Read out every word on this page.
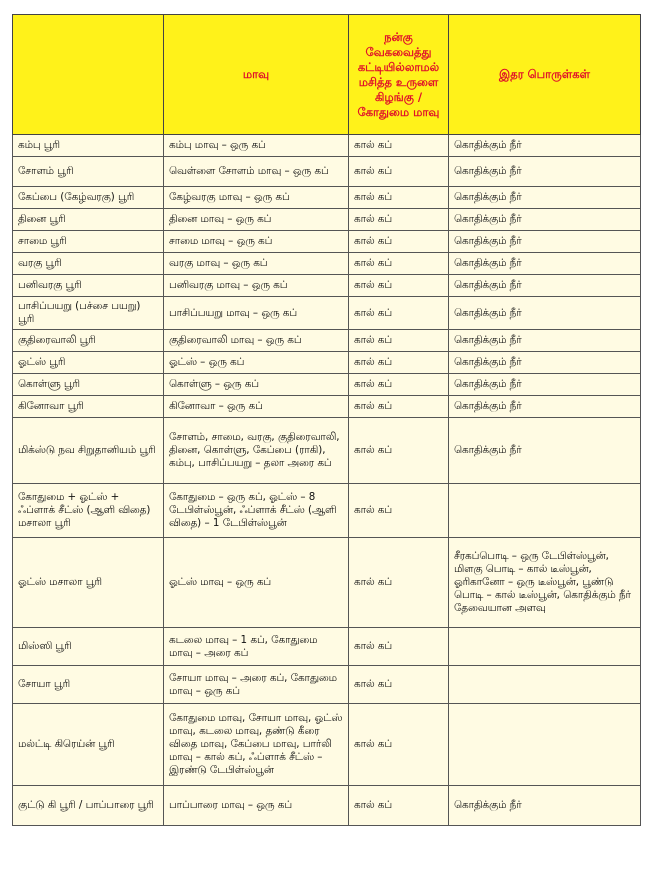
	மாவு	நன்கு வேகவைத்து கட்டியில்லாமல் மசித்த உருளை கிழங்கு / கோதுமை மாவு	இதர பொருள்கள்
கம்பு பூரி	கம்பு மாவு – ஒரு கப்	கால் கப்	கொதிக்கும் நீர்
சோளம் பூரி	வெள்ளை சோளம் மாவு – ஒரு கப்	கால் கப்	கொதிக்கும் நீர்
கேப்பை (கேழ்வரகு) பூரி	கேழ்வரகு மாவு – ஒரு கப்	கால் கப்	கொதிக்கும் நீர்
தினை பூரி	தினை மாவு – ஒரு கப்	கால் கப்	கொதிக்கும் நீர்
சாமை பூரி	சாமை மாவு – ஒரு கப்	கால் கப்	கொதிக்கும் நீர்
வரகு பூரி	வரகு மாவு – ஒரு கப்	கால் கப்	கொதிக்கும் நீர்
பனிவரகு பூரி	பனிவரகு மாவு – ஒரு கப்	கால் கப்	கொதிக்கும் நீர்
பாசிப்பயறு (பச்சை பயறு) பூரி	பாசிப்பயறு மாவு – ஒரு கப்	கால் கப்	கொதிக்கும் நீர்
குதிரைவாலி பூரி	குதிரைவாலி மாவு – ஒரு கப்	கால் கப்	கொதிக்கும் நீர்
ஓட்ஸ் பூரி	ஓட்ஸ் – ஒரு கப்	கால் கப்	கொதிக்கும் நீர்
கொள்ளு பூரி	கொள்ளு – ஒரு கப்	கால் கப்	கொதிக்கும் நீர்
கினோவா பூரி	கினோவா – ஒரு கப்	கால் கப்	கொதிக்கும் நீர்
மிக்ஸ்டு நவ சிறுதானியம் பூரி	சோளம், சாமை, வரகு, குதிரைவாலி, தினை, கொள்ளு, கேப்பை (ராகி), கம்பு, பாசிப்பயறு – தலா அரை கப்	கால் கப்	கொதிக்கும் நீர்
கோதுமை + ஓட்ஸ் + ஃப்ளாக் சீட்ஸ் (ஆளி விதை) மசாலா பூரி	கோதுமை – ஒரு கப், ஓட்ஸ் – 8 டேபிள்ஸ்பூன், ஃப்ளாக் சீட்ஸ் (ஆளி விதை) – 1 டேபிள்ஸ்பூன்	கால் கப்	
ஓட்ஸ் மசாலா பூரி	ஓட்ஸ் மாவு – ஒரு கப்	கால் கப்	சீரகப்பொடி – ஒரு டேபிள்ஸ்பூன், மிளகு பொடி – கால் டீஸ்பூன், ஓரிகானோ – ஒரு டீஸ்பூன், பூண்டு பொடி – கால் டீஸ்பூன், கொதிக்கும் நீர் தேவையான அளவு
மிஸ்ஸி பூரி	கடலை மாவு – 1 கப், கோதுமை மாவு – அரை கப்	கால் கப்	
சோயா பூரி	சோயா மாவு – அரை கப், கோதுமை மாவு – ஒரு கப்	கால் கப்	
மல்ட்டி கிரெய்ன் பூரி	கோதுமை மாவு, சோயா மாவு, ஓட்ஸ் மாவு, கடலை மாவு, தண்டு கீரை விதை மாவு, கேப்பை மாவு, பார்லி மாவு – கால் கப், ஃப்ளாக் சீட்ஸ் – இரண்டு டேபிள்ஸ்பூன்	கால் கப்	
குட்டு கி பூரி / பாப்பாரை பூரி	பாப்பாரை மாவு – ஒரு கப்	கால் கப்	கொதிக்கும் நீர்
